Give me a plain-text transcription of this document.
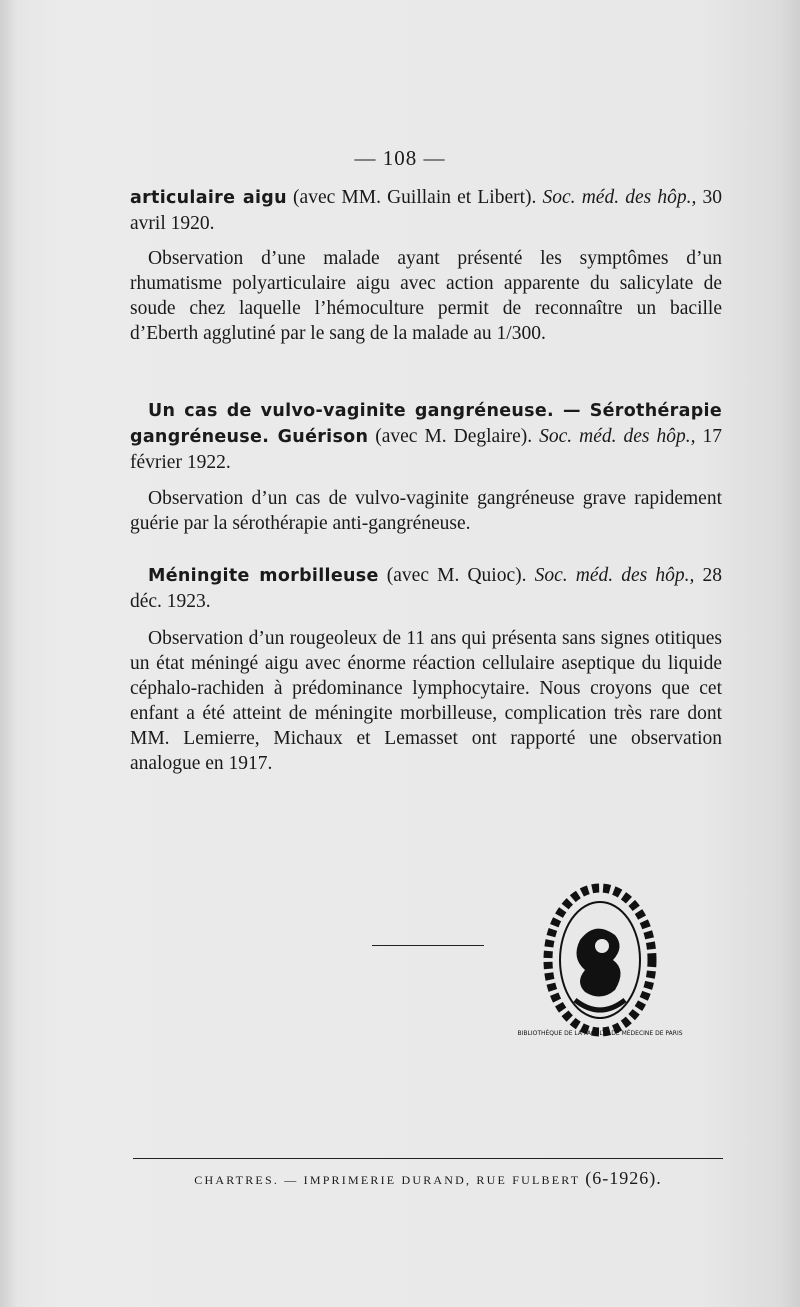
— 108 —

articulaire aigu (avec MM. Guillain et Libert). Soc. méd. des hôp., 30 avril 1920.

Observation d’une malade ayant présenté les symptômes d’un rhumatisme polyarticulaire aigu avec action apparente du salicylate de soude chez laquelle l’hémoculture permit de reconnaître un bacille d’Eberth agglutiné par le sang de la malade au 1/300.

Un cas de vulvo-vaginite gangréneuse. — Sérothérapie gangréneuse. Guérison (avec M. Deglaire). Soc. méd. des hôp., 17 février 1922.

Observation d’un cas de vulvo-vaginite gangréneuse grave rapidement guérie par la sérothérapie anti-gangréneuse.

Méningite morbilleuse (avec M. Quioc). Soc. méd. des hôp., 28 déc. 1923.

Observation d’un rougeoleux de 11 ans qui présenta sans signes otitiques un état méningé aigu avec énorme réaction cellulaire aseptique du liquide céphalo-rachiden à prédominance lymphocytaire. Nous croyons que cet enfant a été atteint de méningite morbilleuse, complication très rare dont MM. Lemierre, Michaux et Lemasset ont rapporté une observation analogue en 1917.

BIBLIOTHÈQUE DE LA FACULTÉ DE MÉDECINE DE PARIS
CHARTRES. — IMPRIMERIE DURAND, RUE FULBERT (6-1926).
